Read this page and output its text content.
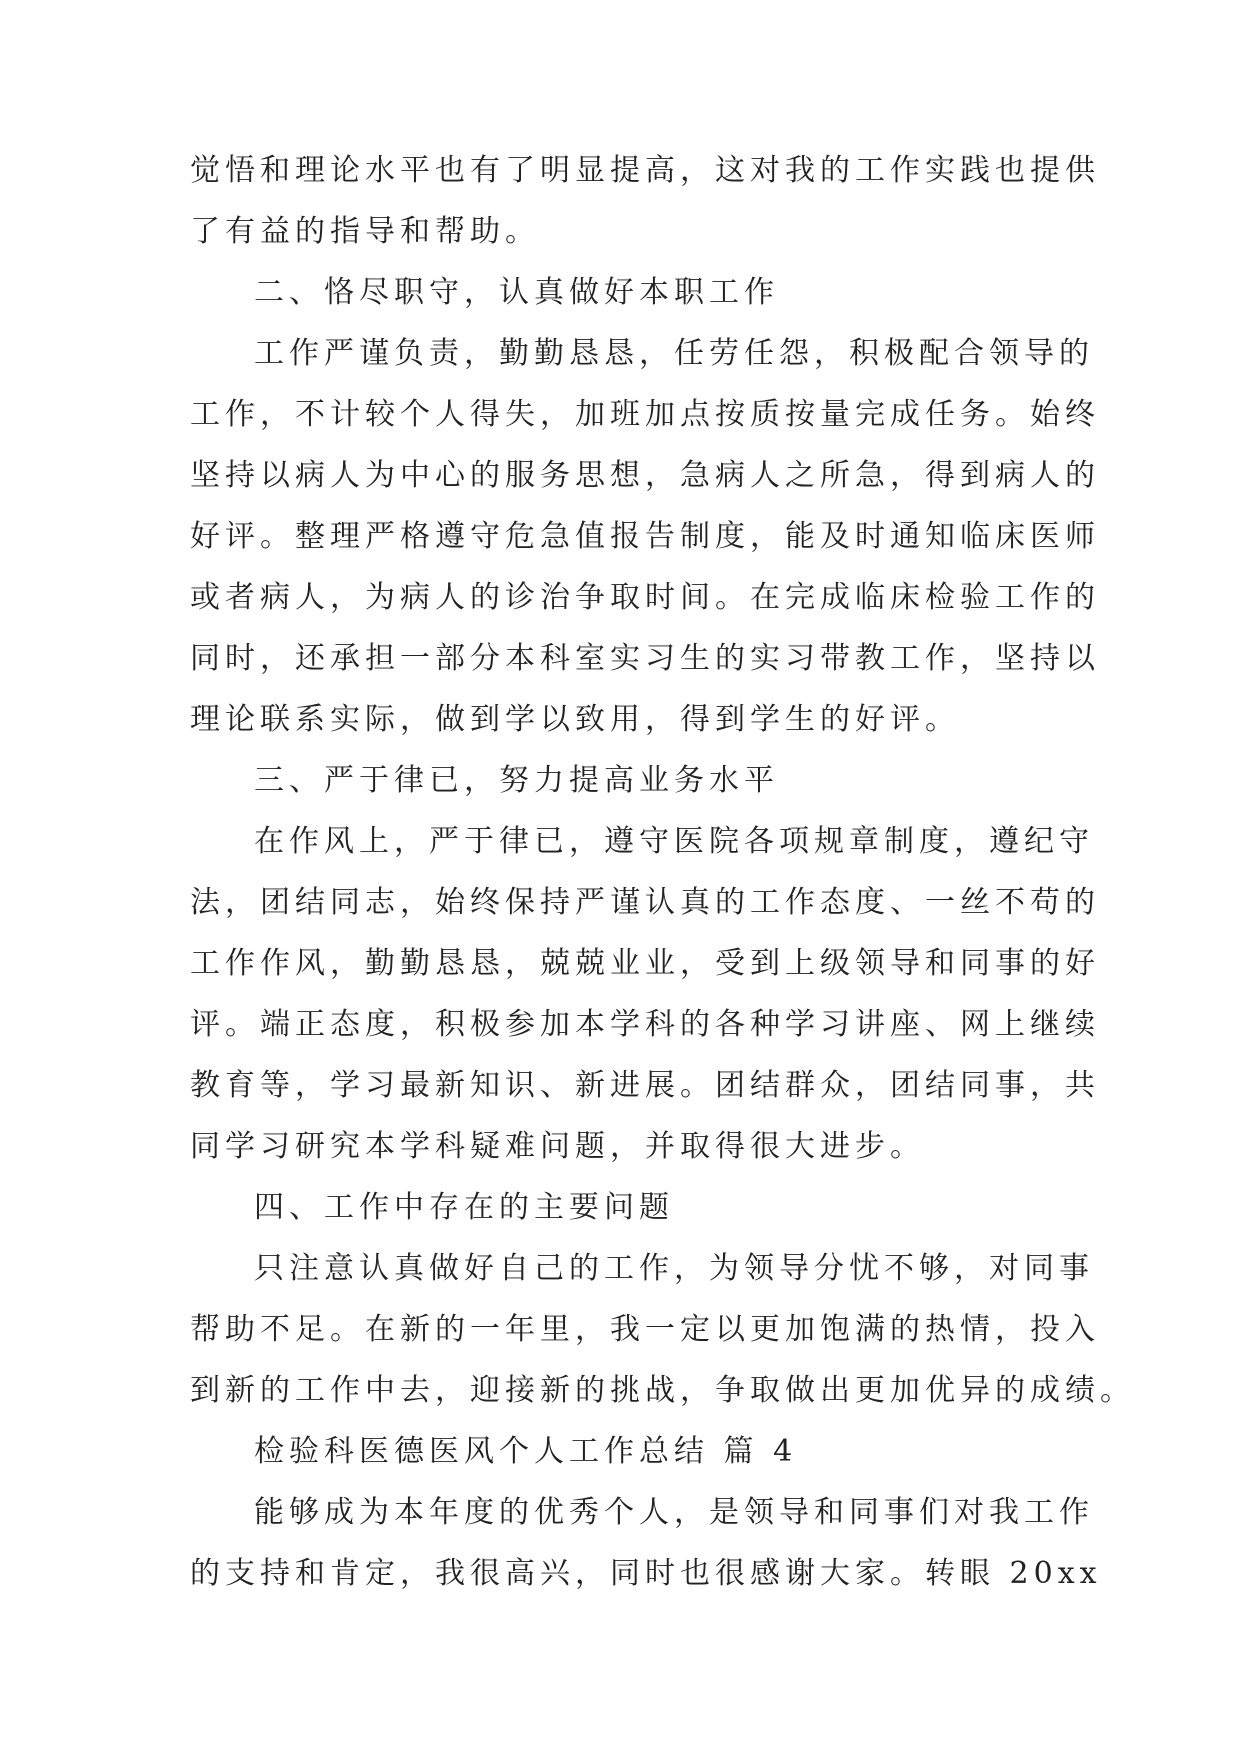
觉悟和理论水平也有了明显提高，这对我的工作实践也提供
了有益的指导和帮助。
二、恪尽职守，认真做好本职工作
工作严谨负责，勤勤恳恳，任劳任怨，积极配合领导的
工作，不计较个人得失，加班加点按质按量完成任务。始终
坚持以病人为中心的服务思想，急病人之所急，得到病人的
好评。整理严格遵守危急值报告制度，能及时通知临床医师
或者病人，为病人的诊治争取时间。在完成临床检验工作的
同时，还承担一部分本科室实习生的实习带教工作，坚持以
理论联系实际，做到学以致用，得到学生的好评。
三、严于律已，努力提高业务水平
在作风上，严于律已，遵守医院各项规章制度，遵纪守
法，团结同志，始终保持严谨认真的工作态度、一丝不苟的
工作作风，勤勤恳恳，兢兢业业，受到上级领导和同事的好
评。端正态度，积极参加本学科的各种学习讲座、网上继续
教育等，学习最新知识、新进展。团结群众，团结同事，共
同学习研究本学科疑难问题，并取得很大进步。
四、工作中存在的主要问题
只注意认真做好自己的工作，为领导分忧不够，对同事
帮助不足。在新的一年里，我一定以更加饱满的热情，投入
到新的工作中去，迎接新的挑战，争取做出更加优异的成绩。
检验科医德医风个人工作总结 篇 4
能够成为本年度的优秀个人，是领导和同事们对我工作
的支持和肯定，我很高兴，同时也很感谢大家。转眼 20xx
